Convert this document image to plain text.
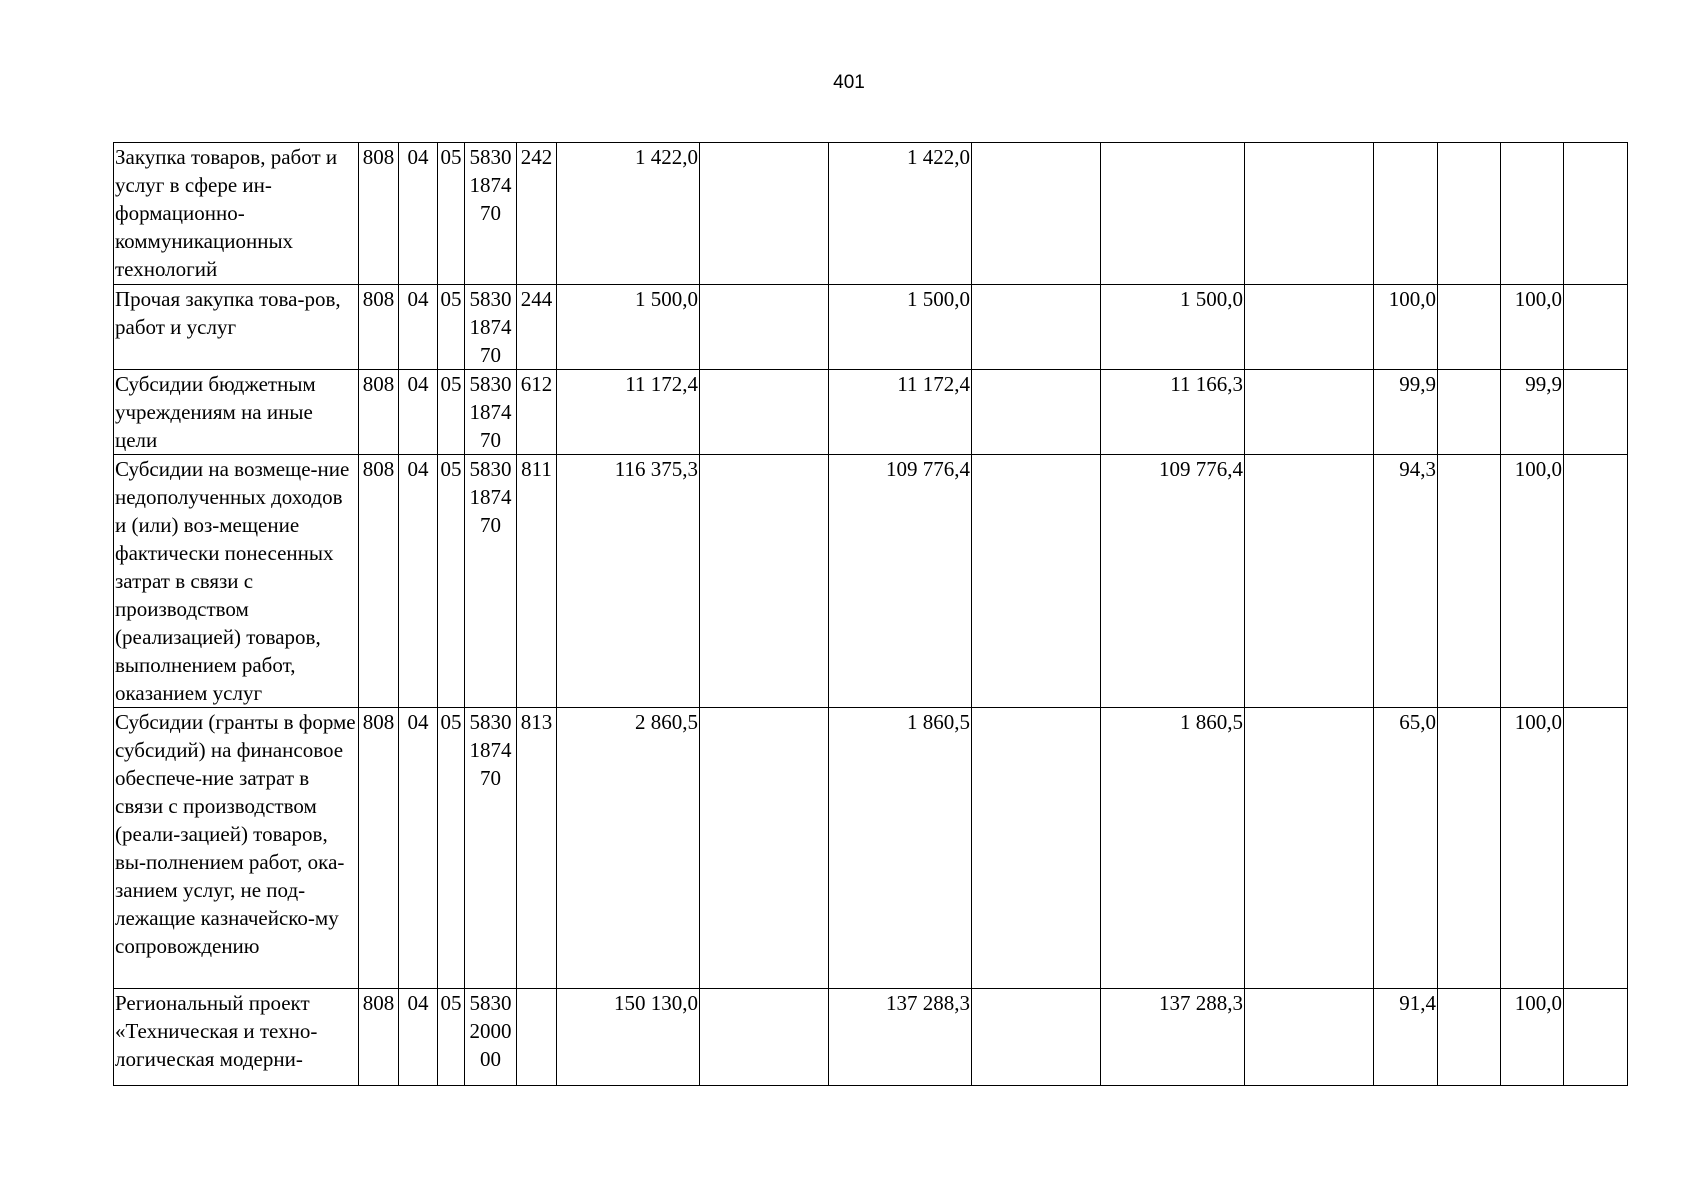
401
Закупка товаров, работ и услуг в сфере ин-формационно-коммуникационных технологий	808	04	05	5830 1874 70	242	1 422,0		1 422,0							
Прочая закупка това-ров, работ и услуг	808	04	05	5830 1874 70	244	1 500,0		1 500,0		1 500,0		100,0		100,0	
Субсидии бюджетным учреждениям на иные цели	808	04	05	5830 1874 70	612	11 172,4		11 172,4		11 166,3		99,9		99,9	
Субсидии на возмеще-ние недополученных доходов и (или) воз-мещение фактически понесенных затрат в связи с производством (реализацией) товаров, выполнением работ, оказанием услуг	808	04	05	5830 1874 70	811	116 375,3		109 776,4		109 776,4		94,3		100,0	
Субсидии (гранты в форме субсидий) на финансовое обеспече-ние затрат в связи с производством (реали-зацией) товаров, вы-полнением работ, ока-занием услуг, не под-лежащие казначейско-му сопровождению	808	04	05	5830 1874 70	813	2 860,5		1 860,5		1 860,5		65,0		100,0	
Региональный проект «Техническая и техно-логическая модерни-	808	04	05	5830 2000 00		150 130,0		137 288,3		137 288,3		91,4		100,0	
